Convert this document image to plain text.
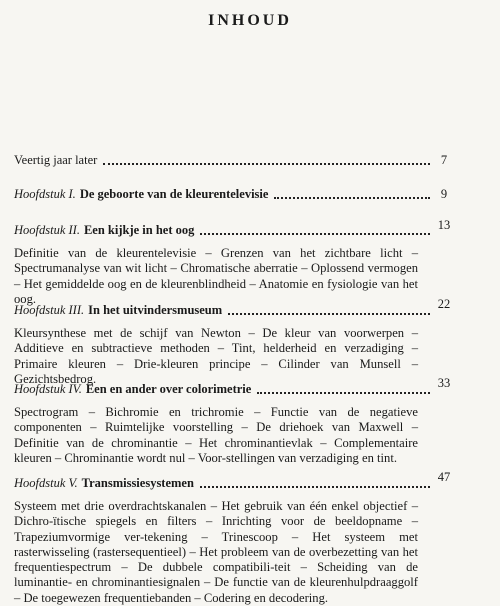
INHOUD
Veertig jaar later	7
Hoofdstuk I. De geboorte van de kleurentelevisie	9
Hoofdstuk II. Een kijkje in het oog
Definitie van de kleurentelevisie – Grenzen van het zichtbare licht – Spectrumanalyse van wit licht – Chromatische aberratie – Oplossend vermogen – Het gemiddelde oog en de kleurenblindheid – Anatomie en fysiologie van het oog.
13
Hoofdstuk III. In het uitvindersmuseum
Kleursynthese met de schijf van Newton – De kleur van voorwerpen – Additieve en subtractieve methoden – Tint, helderheid en verzadiging – Primaire kleuren – Drie-kleuren principe – Cilinder van Munsell – Gezichtsbedrog.
22
Hoofdstuk IV. Een en ander over colorimetrie
Spectrogram – Bichromie en trichromie – Functie van de negatieve componenten – Ruimtelijke voorstelling – De driehoek van Maxwell – Definitie van de chrominantie – Het chrominantievlak – Complementaire kleuren – Chrominantie wordt nul – Voor-stellingen van verzadiging en tint.
33
Hoofdstuk V. Transmissiesystemen
Systeem met drie overdrachtskanalen – Het gebruik van één enkel objectief – Dichro-ïtische spiegels en filters – Inrichting voor de beeldopname – Trapeziumvormige ver-tekening – Trinescoop – Het systeem met rasterwisseling (rastersequentieel) – Het probleem van de overbezetting van het frequentiespectrum – De dubbele compatibili-teit – Scheiding van de luminantie- en chrominantiesignalen – De functie van de kleurenhulpdraaggolf – De toegewezen frequentiebanden – Codering en decodering.
47
